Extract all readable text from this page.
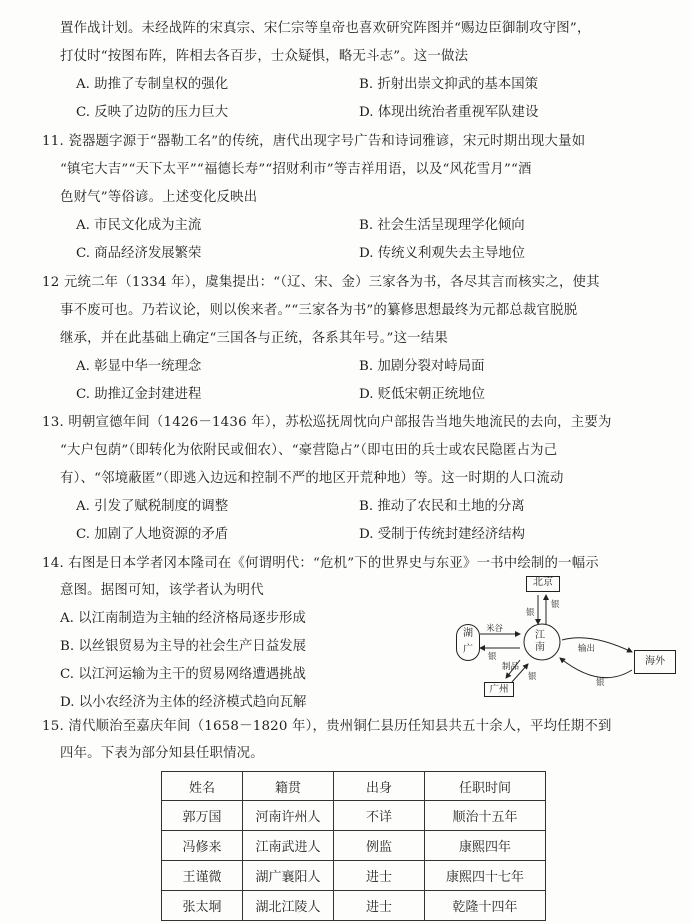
置作战计划。未经战阵的宋真宗、宋仁宗等皇帝也喜欢研究阵图并“赐边臣御制攻守图”，
打仗时“按图布阵，阵相去各百步，士众疑惧，略无斗志”。这一做法
A. 助推了专制皇权的强化	B. 折射出崇文抑武的基本国策
C. 反映了边防的压力巨大	D. 体现出统治者重视军队建设
11. 瓷器题字源于“器勒工名”的传统，唐代出现字号广告和诗词雅谚，宋元时期出现大量如
“镇宅大吉”“天下太平”“福德长寿”“招财利市”等吉祥用语，以及“风花雪月”“酒
色财气”等俗谚。上述变化反映出
A. 市民文化成为主流	B. 社会生活呈现理学化倾向
C. 商品经济发展繁荣	D. 传统义利观失去主导地位
12 元统二年（1334 年），虞集提出：“（辽、宋、金）三家各为书，各尽其言而核实之，使其
事不废可也。乃若议论，则以俟来者。”“三家各为书”的纂修思想最终为元都总裁官脱脱
继承，并在此基础上确定“三国各与正统，各系其年号。”这一结果
A. 彰显中华一统理念	B. 加剧分裂对峙局面
C. 助推辽金封建进程	D. 贬低宋朝正统地位
13. 明朝宣德年间（1426－1436 年），苏松巡抚周忱向户部报告当地失地流民的去向，主要为
“大户包荫”（即转化为依附民或佃农）、“豪营隐占”（即屯田的兵士或农民隐匿占为己
有）、“邻境蔽匿”（即逃入边远和控制不严的地区开荒种地）等。这一时期的人口流动
A. 引发了赋税制度的调整	B. 推动了农民和土地的分离
C. 加剧了人地资源的矛盾	D. 受制于传统封建经济结构
14. 右图是日本学者冈本隆司在《何谓明代：“危机”下的世界史与东亚》一书中绘制的一幅示
意图。据图可知，该学者认为明代
A. 以江南制造为主轴的经济格局逐步形成
B. 以丝银贸易为主导的社会生产日益发展
C. 以江河运输为主干的贸易网络遭遇挑战
D. 以小农经济为主体的经济模式趋向瓦解
北京
湖广
江南
广州
海外
银
银
米谷
银
制品
银
输出
银
15. 清代顺治至嘉庆年间（1658－1820 年），贵州铜仁县历任知县共五十余人，平均任期不到
四年。下表为部分知县任职情况。
姓名	籍贯	出身	任职时间
郭万国	河南许州人	不详	顺治十五年
冯修来	江南武进人	例监	康熙四年
王谨微	湖广襄阳人	进士	康熙四十七年
张太垌	湖北江陵人	进士	乾隆十四年
